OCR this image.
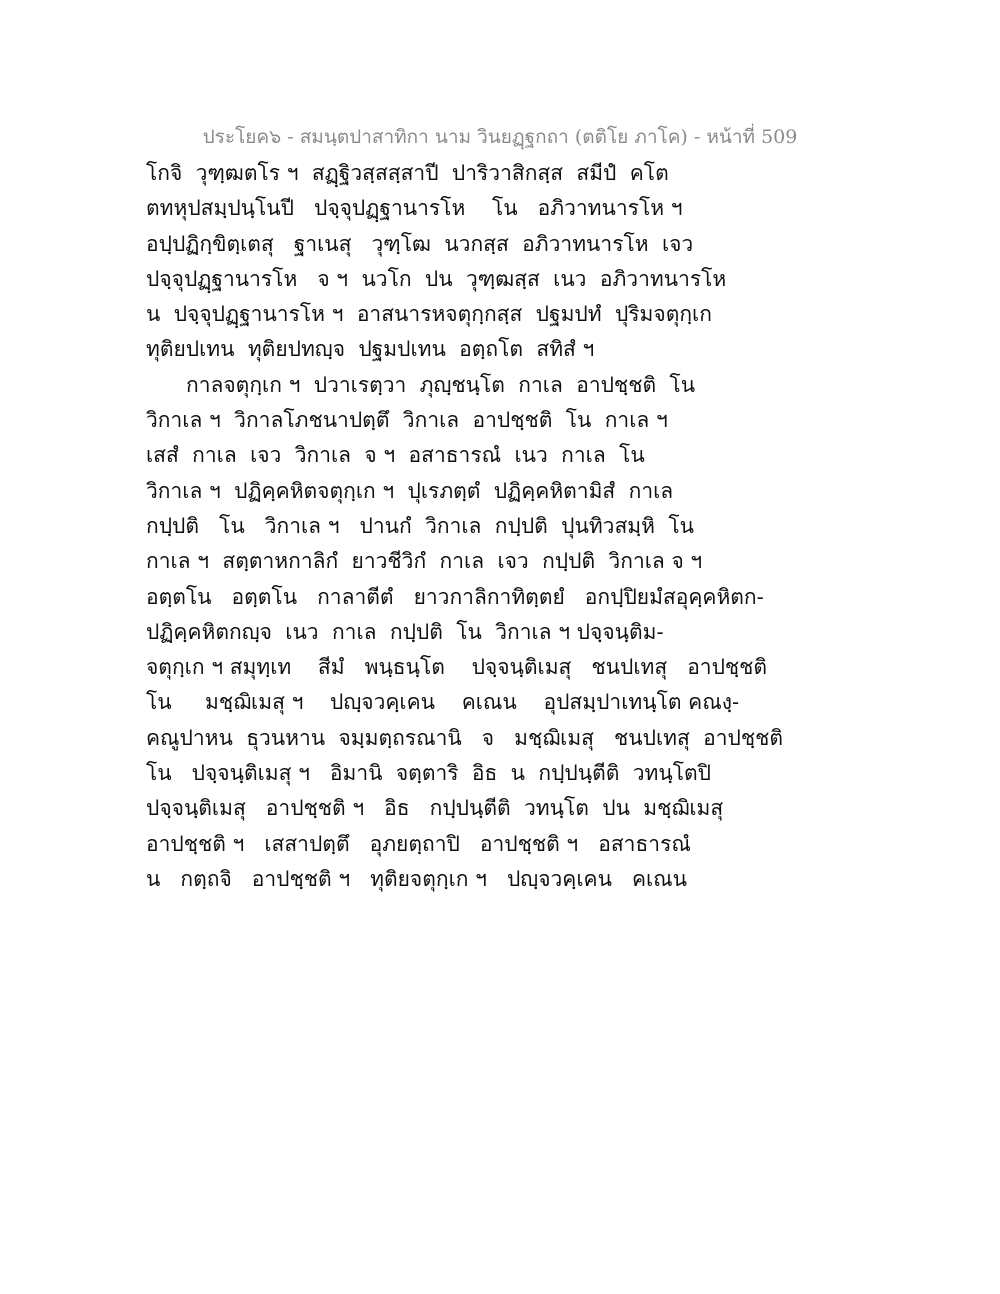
ประโยค๖ - สมนฺตปาสาทิกา นาม วินยฏฺฐกถา (ตติโย ภาโค) - หน้าที่ 509
โกจิ  วุฑฺฒตโร ฯ  สฏฺฐิวสฺสสฺสาปี  ปาริวาสิกสฺส  สมีปํ  คโต
ตทหุปสมฺปนฺโนปี   ปจฺจุปฏฺฐานารโห    โน   อภิวาทนารโห ฯ
อปฺปฏิกฺขิตฺเตสุ   ฐาเนสุ   วุฑฺโฒ  นวกสฺส  อภิวาทนารโห  เจว
ปจฺจุปฏฺฐานารโห   จ ฯ  นวโก  ปน  วุฑฺฒสฺส  เนว  อภิวาทนารโห
น  ปจฺจุปฏฺฐานารโห ฯ  อาสนารหจตุกฺกสฺส  ปฐมปทํ  ปุริมจตุกฺเก
ทุติยปเทน  ทุติยปทญฺจ  ปฐมปเทน  อตฺถโต  สทิสํ ฯ
กาลจตุกฺเก ฯ  ปวาเรตฺวา  ภุญฺชนฺโต  กาเล  อาปชฺชติ  โน
วิกาเล ฯ  วิกาลโภชนาปตฺตึ  วิกาเล  อาปชฺชติ  โน  กาเล ฯ
เสสํ  กาเล  เจว  วิกาเล  จ ฯ  อสาธารณํ  เนว  กาเล  โน
วิกาเล ฯ  ปฏิคฺคหิตจตุกฺเก ฯ  ปุเรภตฺตํ  ปฏิคฺคหิตามิสํ  กาเล
กปฺปติ   โน   วิกาเล ฯ   ปานกํ  วิกาเล  กปฺปติ  ปุนทิวสมฺหิ  โน
กาเล ฯ  สตฺตาหกาลิกํ  ยาวชีวิกํ  กาเล  เจว  กปฺปติ  วิกาเล จ ฯ
อตฺตโน   อตฺตโน   กาลาตีตํ   ยาวกาลิกาทิตฺตยํ   อกปฺปิยมํสอุคฺคหิตก-
ปฏิคฺคหิตกญฺจ  เนว  กาเล  กปฺปติ  โน  วิกาเล ฯ ปจฺจนฺติม-
จตุกฺเก ฯ สมุทฺเท    สีมํ   พนฺธนฺโต    ปจฺจนฺติเมสุ   ชนปเทสุ   อาปชฺชติ
โน     มชฺฌิเมสุ ฯ    ปญฺจวคฺเคน    คเณน    อุปสมฺปาเทนฺโต คณงฺ-
คณูปาหน  ธุวนหาน  จมฺมตฺถรณานิ   จ   มชฺฌิเมสุ   ชนปเทสุ  อาปชฺชติ
โน   ปจฺจนฺติเมสุ ฯ   อิมานิ  จตฺตาริ  อิธ  น  กปฺปนฺตีติ  วทนฺโตปิ
ปจฺจนฺติเมสุ   อาปชฺชติ ฯ   อิธ   กปฺปนฺตีติ  วทนฺโต  ปน  มชฺฌิเมสุ
อาปชฺชติ ฯ   เสสาปตฺตึ   อุภยตฺถาปิ   อาปชฺชติ ฯ   อสาธารณํ
น   กตฺถจิ   อาปชฺชติ ฯ   ทุติยจตุกฺเก ฯ   ปญฺจวคฺเคน   คเณน
